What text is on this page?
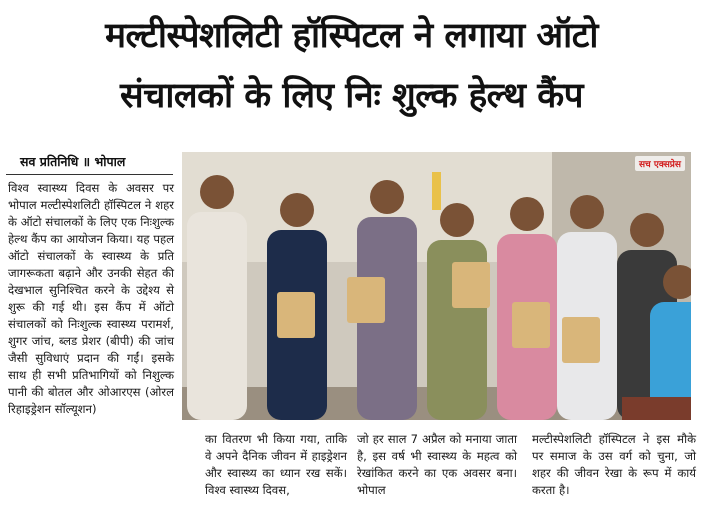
मल्टीस्पेशलिटी हॉस्पिटल ने लगाया ऑटो
संचालकों के लिए निः शुल्क हेल्थ कैंप
सव प्रतिनिधि ॥ भोपाल
विश्व स्वास्थ्य दिवस के अवसर पर भोपाल मल्टीस्पेशलिटी हॉस्पिटल ने शहर के ऑटो संचालकों के लिए एक निःशुल्क हेल्थ कैंप का आयोजन किया। यह पहल ऑटो संचालकों के स्वास्थ्य के प्रति जागरूकता बढ़ाने और उनकी सेहत की देखभाल सुनिश्चित करने के उद्देश्य से शुरू की गई थी। इस कैंप में ऑटो संचालकों को निःशुल्क स्वास्थ्य परामर्श, शुगर जांच, ब्लड प्रेशर (बीपी) की जांच जैसी सुविधाएं प्रदान की गईं। इसके साथ ही सभी प्रतिभागियों को निशुल्क पानी की बोतल और ओआरएस (ओरल रिहाइड्रेशन सॉल्यूशन)
सच एक्सप्रेस
का वितरण भी किया गया, ताकि वे अपने दैनिक जीवन में हाइड्रेशन और स्वास्थ्य का ध्यान रख सकें। विश्व स्वास्थ्य दिवस,
जो हर साल 7 अप्रैल को मनाया जाता है, इस वर्ष भी स्वास्थ्य के महत्व को रेखांकित करने का एक अवसर बना। भोपाल
मल्टीस्पेशलिटी हॉस्पिटल ने इस मौके पर समाज के उस वर्ग को चुना, जो शहर की जीवन रेखा के रूप में कार्य करता है।
